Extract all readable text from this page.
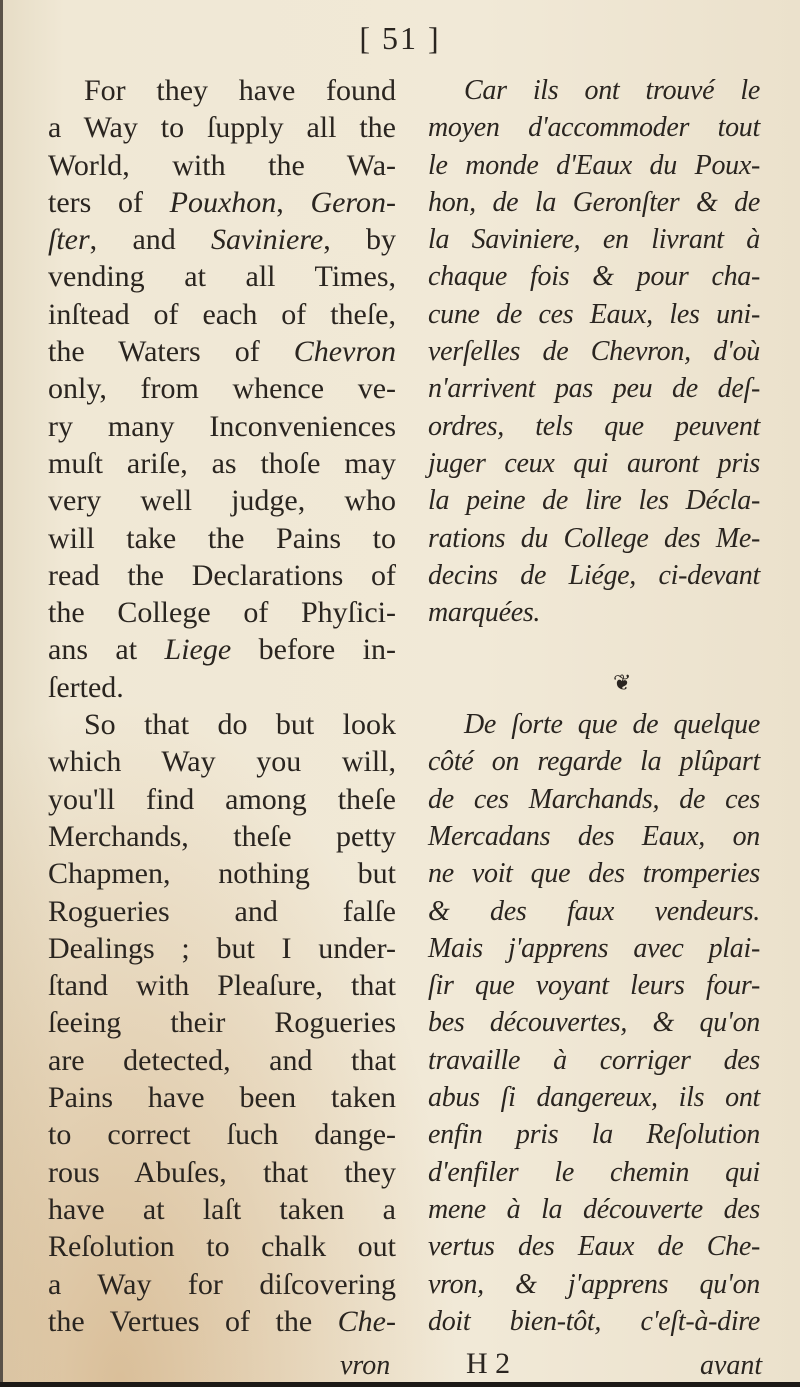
[ 51 ]
For they have found
a Way to ſupply all the
World, with the Wa-
ters of Pouxhon, Geron-
ſter, and Saviniere, by
vending at all Times,
inſtead of each of theſe,
the Waters of Chevron
only, from whence ve-
ry many Inconveniences
muſt ariſe, as thoſe may
very well judge, who
will take the Pains to
read the Declarations of
the College of Phyſici-
ans at Liege before in-
ſerted.
So that do but look
which Way you will,
you'll find among theſe
Merchands, theſe petty
Chapmen, nothing but
Rogueries and falſe
Dealings ; but I under-
ſtand with Pleaſure, that
ſeeing their Rogueries
are detected, and that
Pains have been taken
to correct ſuch dange-
rous Abuſes, that they
have at laſt taken a
Reſolution to chalk out
a Way for diſcovering
the Vertues of the Che-
Car ils ont trouvé le
moyen d'accommoder tout
le monde d'Eaux du Poux-
hon, de la Geronſter & de
la Saviniere, en livrant à
chaque fois & pour cha-
cune de ces Eaux, les uni-
verſelles de Chevron, d'où
n'arrivent pas peu de deſ-
ordres, tels que peuvent
juger ceux qui auront pris
la peine de lire les Décla-
rations du College des Me-
decins de Liége, ci-devant
marquées.
De ſorte que de quelque
côté on regarde la plûpart
de ces Marchands, de ces
Mercadans des Eaux, on
ne voit que des tromperies
& des faux vendeurs.
Mais j'apprens avec plai-
ſir que voyant leurs four-
bes découvertes, & qu'on
travaille à corriger des
abus ſi dangereux, ils ont
enfin pris la Reſolution
d'enfiler le chemin qui
mene à la découverte des
vertus des Eaux de Che-
vron, & j'apprens qu'on
doit bien-tôt, c'eſt-à-dire
❦
vron	H 2	avant
